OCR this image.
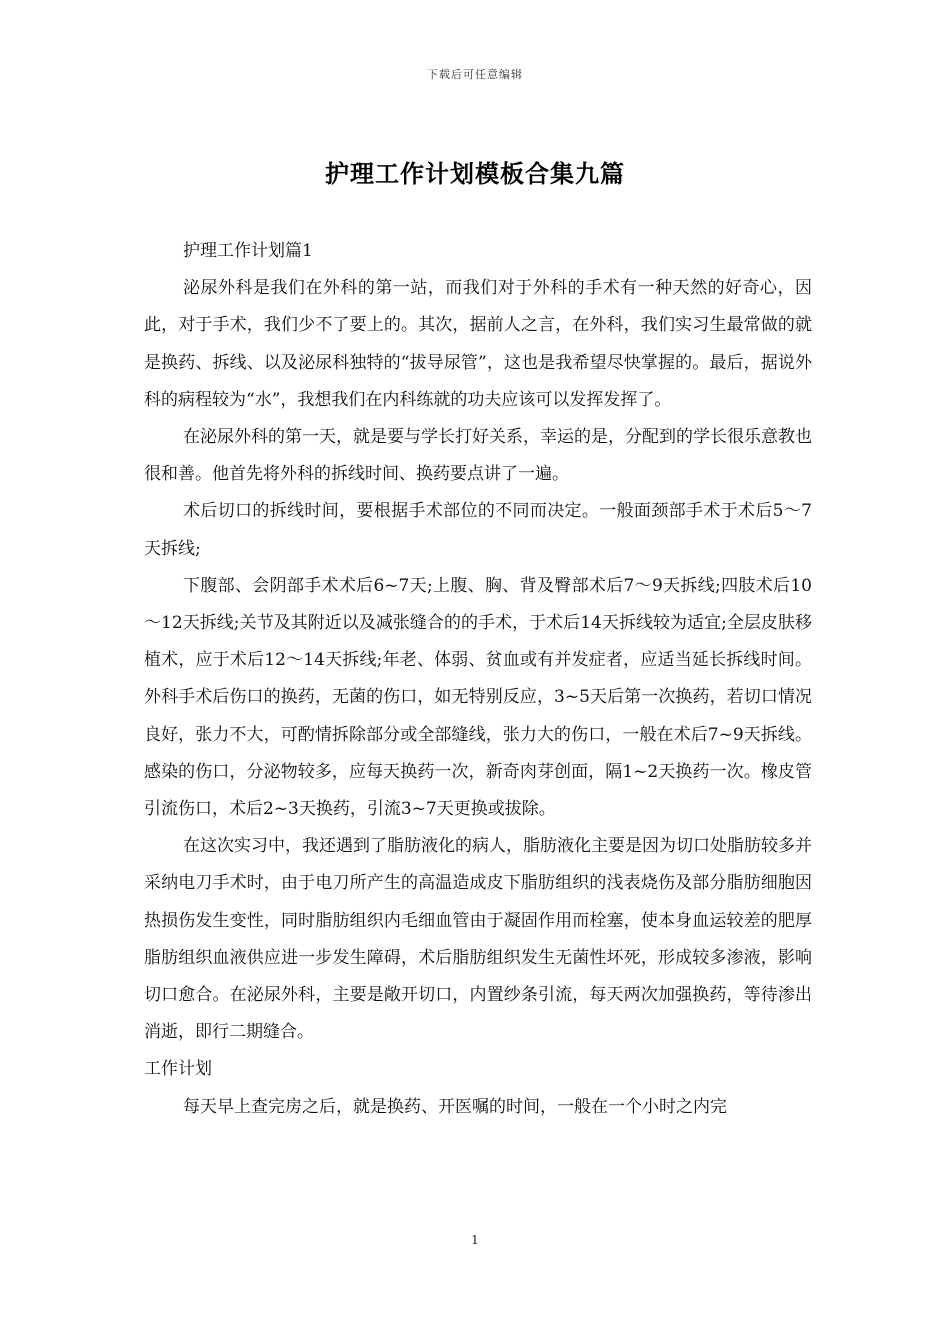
下载后可任意编辑
护理工作计划模板合集九篇

护理工作计划篇1

泌尿外科是我们在外科的第一站，而我们对于外科的手术有一种天然的好奇心，因此，对于手术，我们少不了要上的。其次，据前人之言，在外科，我们实习生最常做的就是换药、拆线、以及泌尿科独特的“拔导尿管”，这也是我希望尽快掌握的。最后，据说外科的病程较为“水”，我想我们在内科练就的功夫应该可以发挥发挥了。

在泌尿外科的第一天，就是要与学长打好关系，幸运的是，分配到的学长很乐意教也很和善。他首先将外科的拆线时间、换药要点讲了一遍。

术后切口的拆线时间，要根据手术部位的不同而决定。一般面颈部手术于术后5～7天拆线;

下腹部、会阴部手术术后6~7天;上腹、胸、背及臀部术后7～9天拆线;四肢术后10～12天拆线;关节及其附近以及减张缝合的的手术，于术后14天拆线较为适宜;全层皮肤移植术，应于术后12～14天拆线;年老、体弱、贫血或有并发症者，应适当延长拆线时间。外科手术后伤口的换药，无菌的伤口，如无特别反应，3~5天后第一次换药，若切口情况良好，张力不大，可酌情拆除部分或全部缝线，张力大的伤口，一般在术后7~9天拆线。感染的伤口，分泌物较多，应每天换药一次，新奇肉芽创面，隔1~2天换药一次。橡皮管引流伤口，术后2~3天换药，引流3~7天更换或拔除。

在这次实习中，我还遇到了脂肪液化的病人，脂肪液化主要是因为切口处脂肪较多并采纳电刀手术时，由于电刀所产生的高温造成皮下脂肪组织的浅表烧伤及部分脂肪细胞因热损伤发生变性，同时脂肪组织内毛细血管由于凝固作用而栓塞，使本身血运较差的肥厚脂肪组织血液供应进一步发生障碍，术后脂肪组织发生无菌性坏死，形成较多渗液，影响切口愈合。在泌尿外科，主要是敞开切口，内置纱条引流，每天两次加强换药，等待渗出消逝，即行二期缝合。

工作计划

每天早上查完房之后，就是换药、开医嘱的时间，一般在一个小时之内完

1
